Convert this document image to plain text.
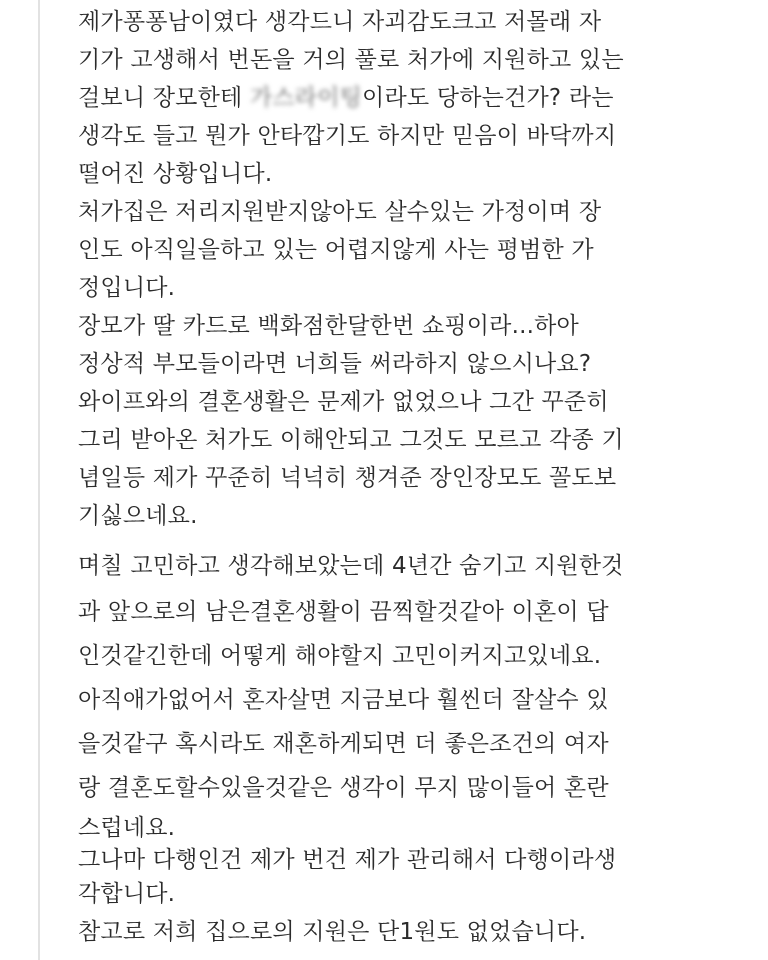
제가퐁퐁남이였다 생각드니 자괴감도크고 저몰래 자
기가 고생해서 번돈을 거의 풀로 처가에 지원하고 있는
걸보니 장모한테 가스라이팅이라도 당하는건가? 라는
생각도 들고 뭔가 안타깝기도 하지만 믿음이 바닥까지
떨어진 상황입니다.
처가집은 저리지원받지않아도 살수있는 가정이며 장
인도 아직일을하고 있는 어렵지않게 사는 평범한 가
정입니다.
장모가 딸 카드로 백화점한달한번 쇼핑이라...하아
정상적 부모들이라면 너희들 써라하지 않으시나요?
와이프와의 결혼생활은 문제가 없었으나 그간 꾸준히
그리 받아온 처가도 이해안되고 그것도 모르고 각종 기
념일등 제가 꾸준히 넉넉히 챙겨준 장인장모도 꼴도보
기싫으네요.
며칠 고민하고 생각해보았는데 4년간 숨기고 지원한것
과 앞으로의 남은결혼생활이 끔찍할것같아 이혼이 답
인것같긴한데 어떻게 해야할지 고민이커지고있네요.
아직애가없어서 혼자살면 지금보다 훨씬더 잘살수 있
을것같구 혹시라도 재혼하게되면 더 좋은조건의 여자
랑 결혼도할수있을것같은 생각이 무지 많이들어 혼란
스럽네요.
그나마 다행인건 제가 번건 제가 관리해서 다행이라생
각합니다.
참고로 저희 집으로의 지원은 단1원도 없었습니다.
